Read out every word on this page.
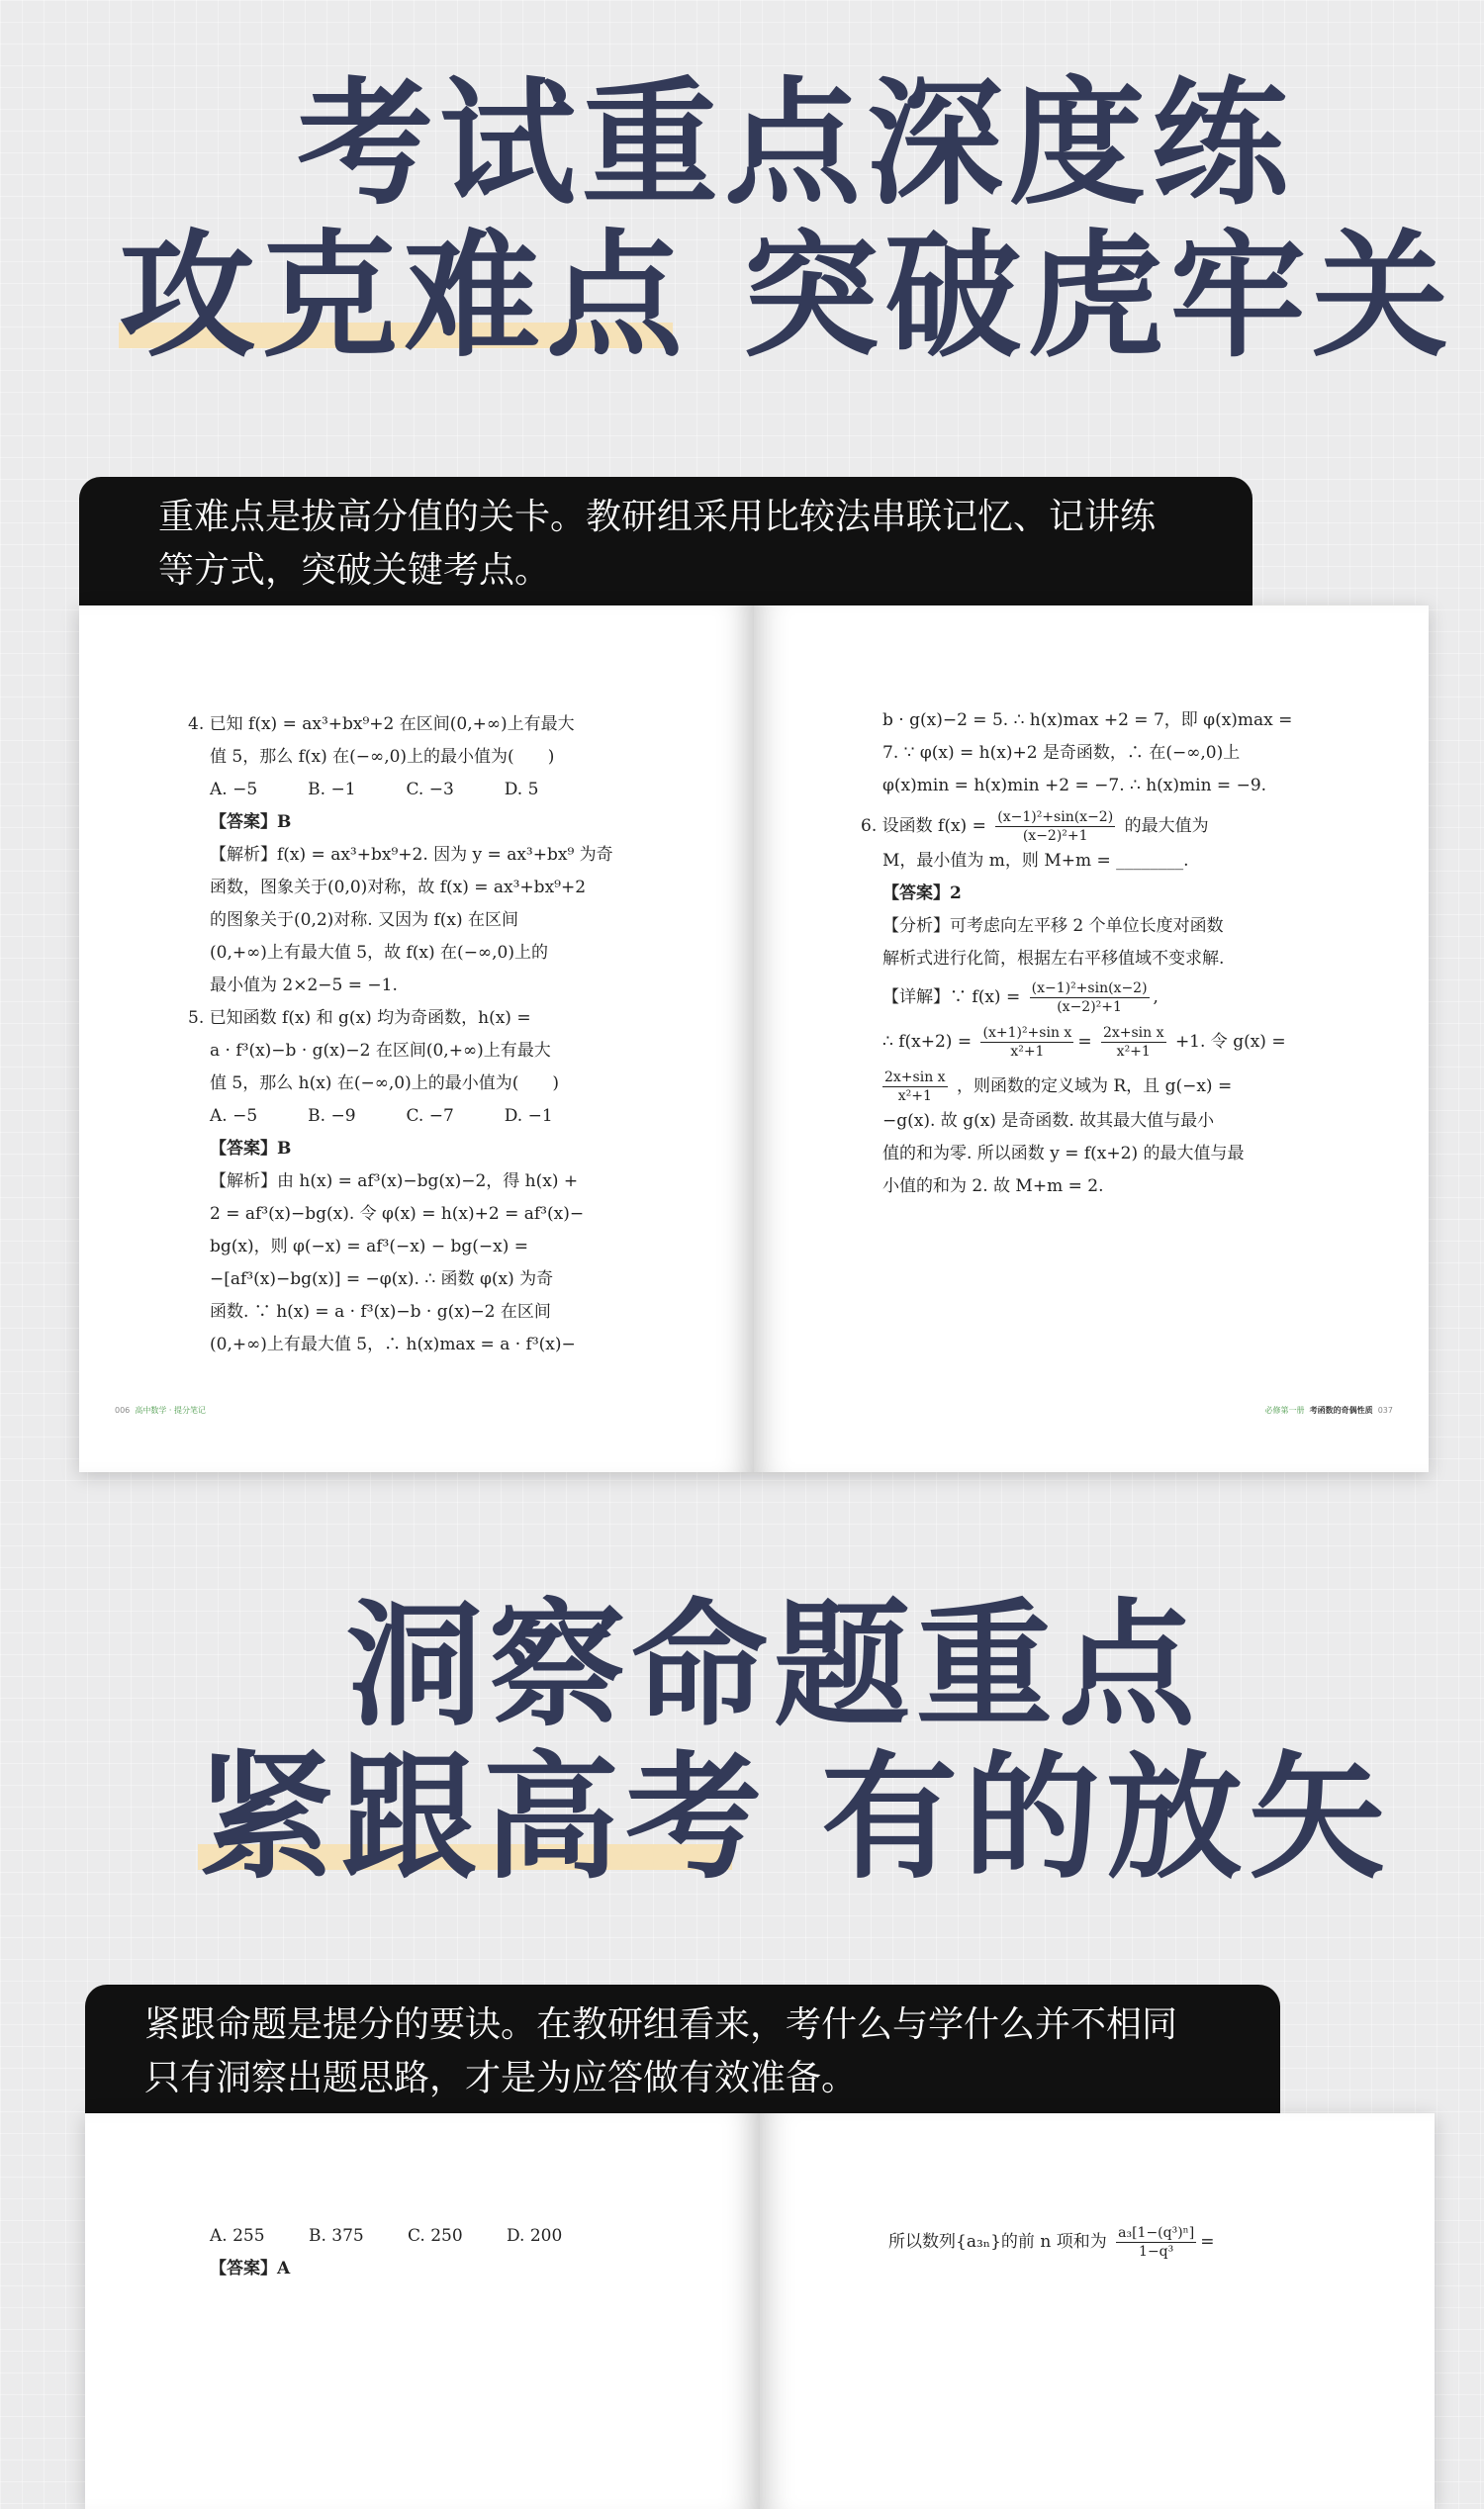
考试重点深度练
攻克难点 突破虎牢关

重难点是拔高分值的关卡。教研组采用比较法串联记忆、记讲练

等方式，突破关键考点。

4. 已知 f(x) = ax³+bx⁹+2 在区间(0,+∞)上有最大

值 5，那么 f(x) 在(−∞,0)上的最小值为(　　)

A. −5　　　B. −1　　　C. −3　　　D. 5

【答案】B

【解析】f(x) = ax³+bx⁹+2. 因为 y = ax³+bx⁹ 为奇

函数，图象关于(0,0)对称，故 f(x) = ax³+bx⁹+2

的图象关于(0,2)对称. 又因为 f(x) 在区间

(0,+∞)上有最大值 5，故 f(x) 在(−∞,0)上的

最小值为 2×2−5 = −1.

5. 已知函数 f(x) 和 g(x) 均为奇函数，h(x) =

a · f³(x)−b · g(x)−2 在区间(0,+∞)上有最大

值 5，那么 h(x) 在(−∞,0)上的最小值为(　　)

A. −5　　　B. −9　　　C. −7　　　D. −1

【答案】B

【解析】由 h(x) = af³(x)−bg(x)−2，得 h(x) +

2 = af³(x)−bg(x). 令 φ(x) = h(x)+2 = af³(x)−

bg(x)，则 φ(−x) = af³(−x) − bg(−x) =

−[af³(x)−bg(x)] = −φ(x). ∴ 函数 φ(x) 为奇

函数. ∵ h(x) = a · f³(x)−b · g(x)−2 在区间

(0,+∞)上有最大值 5，∴ h(x)max = a · f³(x)−

006 高中数学 · 提分笔记

b · g(x)−2 = 5. ∴ h(x)max +2 = 7，即 φ(x)max =

7. ∵ φ(x) = h(x)+2 是奇函数，∴ 在(−∞,0)上

φ(x)min = h(x)min +2 = −7. ∴ h(x)min = −9.

6. 设函数 $f(x) = \frac{\text{(x−1)²+sin(x−2)}}{\text{(x−2)²+1}}$ 的最大值为

M，最小值为 m，则 M+m = ________.

【答案】2

【分析】可考虑向左平移 2 个单位长度对函数

解析式进行化简，根据左右平移值域不变求解.

【详解】∵ $f(x) = \frac{\text{(x−1)²+sin(x−2)}}{\text{(x−2)²+1}}$ ,

∴ $f(x+2) = \frac{\text{(x+1)²+sin x}}{\text{x²+1}} = \frac{\text{2x+sin x}}{\text{x²+1}} +1$. 令 g(x) =

$\frac{\text{2x+sin x}}{\text{x²+1}}$ ，则函数的定义域为 R，且 g(−x) =

−g(x). 故 g(x) 是奇函数. 故其最大值与最小

值的和为零. 所以函数 y = f(x+2) 的最大值与最

小值的和为 2. 故 M+m = 2.

必修第一册 考函数的奇偶性质 037
洞察命题重点
紧跟高考 有的放矢

紧跟命题是提分的要诀。在教研组看来，考什么与学什么并不相同

只有洞察出题思路，才是为应答做有效准备。

A. 255	B. 375	C. 250	D. 200

【答案】A

所以数列{a₃ₙ}的前 n 项和为 $\frac{\text{a₃[1−(q³)ⁿ]}}{\text{1−q³}}$ =
